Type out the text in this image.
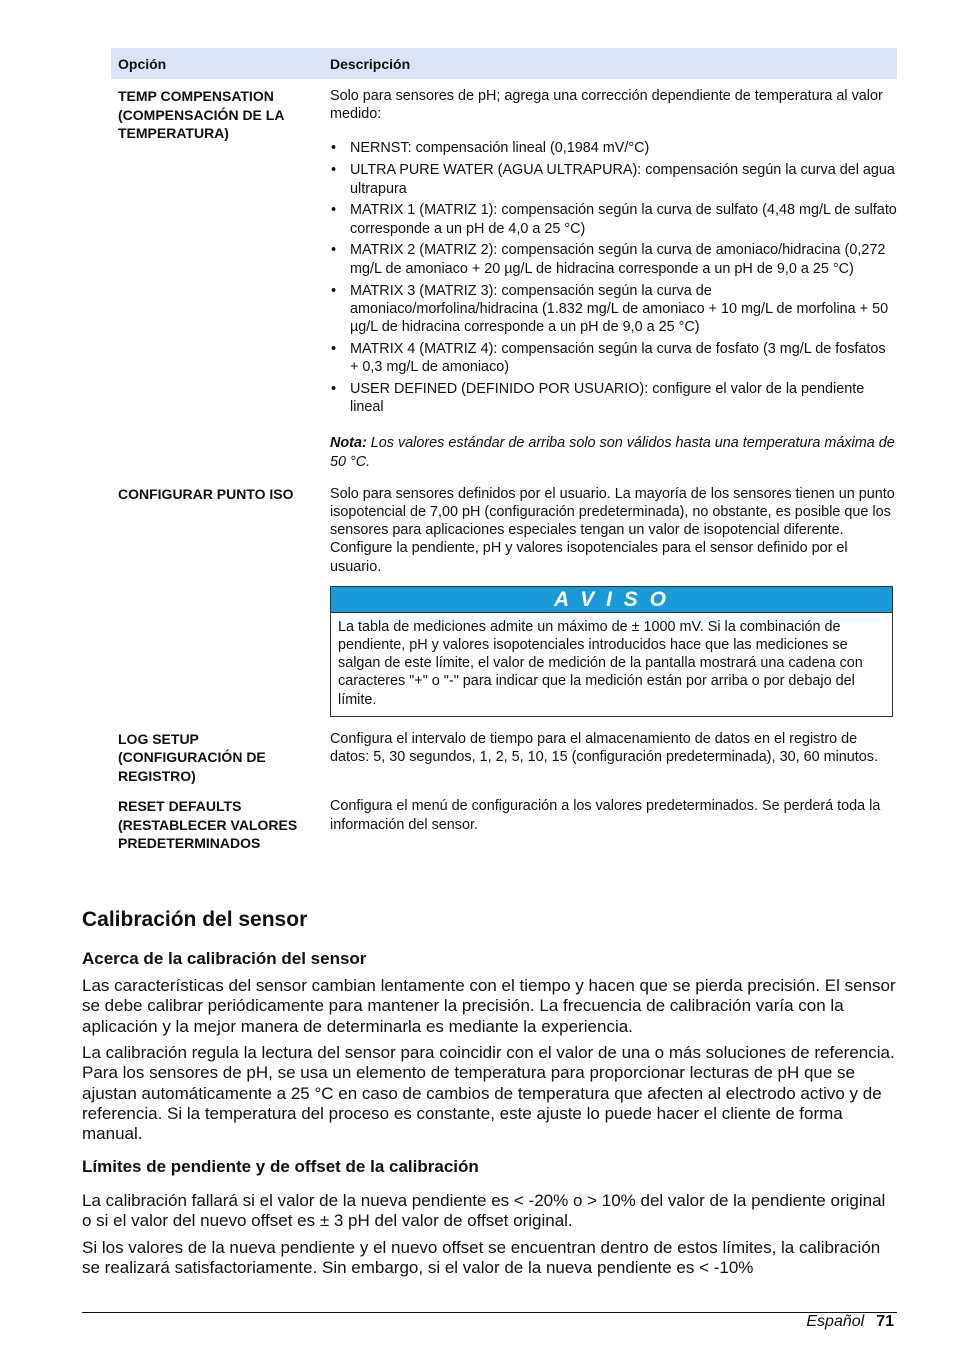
Opción	Descripción
TEMP COMPENSATION (COMPENSACIÓN DE LA TEMPERATURA)

Solo para sensores de pH; agrega una corrección dependiente de temperatura al valor medido:

• NERNST: compensación lineal (0,1984 mV/°C)
• ULTRA PURE WATER (AGUA ULTRAPURA): compensación según la curva del agua ultrapura
• MATRIX 1 (MATRIZ 1): compensación según la curva de sulfato (4,48 mg/L de sulfato corresponde a un pH de 4,0 a 25 °C)
• MATRIX 2 (MATRIZ 2): compensación según la curva de amoniaco/hidracina (0,272 mg/L de amoniaco + 20 µg/L de hidracina corresponde a un pH de 9,0 a 25 °C)
• MATRIX 3 (MATRIZ 3): compensación según la curva de amoniaco/morfolina/hidracina (1.832 mg/L de amoniaco + 10 mg/L de morfolina + 50 µg/L de hidracina corresponde a un pH de 9,0 a 25 °C)
• MATRIX 4 (MATRIZ 4): compensación según la curva de fosfato (3 mg/L de fosfatos + 0,3 mg/L de amoniaco)
• USER DEFINED (DEFINIDO POR USUARIO): configure el valor de la pendiente lineal

Nota: Los valores estándar de arriba solo son válidos hasta una temperatura máxima de 50 °C.

CONFIGURAR PUNTO ISO	Solo para sensores definidos por el usuario. La mayoría de los sensores tienen un punto isopotencial de 7,00 pH (configuración predeterminada), no obstante, es posible que los sensores para aplicaciones especiales tengan un valor de isopotencial diferente. Configure la pendiente, pH y valores isopotenciales para el sensor definido por el usuario.

A V I S O
La tabla de mediciones admite un máximo de ± 1000 mV. Si la combinación de pendiente, pH y valores isopotenciales introducidos hace que las mediciones se salgan de este límite, el valor de medición de la pantalla mostrará una cadena con caracteres "+" o "-" para indicar que la medición están por arriba o por debajo del límite.
LOG SETUP (CONFIGURACIÓN DE REGISTRO)
Configura el intervalo de tiempo para el almacenamiento de datos en el registro de datos: 5, 30 segundos, 1, 2, 5, 10, 15 (configuración predeterminada), 30, 60 minutos.
RESET DEFAULTS (RESTABLECER VALORES PREDETERMINADOS
Configura el menú de configuración a los valores predeterminados. Se perderá toda la información del sensor.
Calibración del sensor
Acerca de la calibración del sensor

Las características del sensor cambian lentamente con el tiempo y hacen que se pierda precisión. El sensor se debe calibrar periódicamente para mantener la precisión. La frecuencia de calibración varía con la aplicación y la mejor manera de determinarla es mediante la experiencia.

La calibración regula la lectura del sensor para coincidir con el valor de una o más soluciones de referencia. Para los sensores de pH, se usa un elemento de temperatura para proporcionar lecturas de pH que se ajustan automáticamente a 25 °C en caso de cambios de temperatura que afecten al electrodo activo y de referencia. Si la temperatura del proceso es constante, este ajuste lo puede hacer el cliente de forma manual.

Límites de pendiente y de offset de la calibración

La calibración fallará si el valor de la nueva pendiente es < -20% o > 10% del valor de la pendiente original o si el valor del nuevo offset es ± 3 pH del valor de offset original.

Si los valores de la nueva pendiente y el nuevo offset se encuentran dentro de estos límites, la calibración se realizará satisfactoriamente. Sin embargo, si el valor de la nueva pendiente es < -10%

Español 71
